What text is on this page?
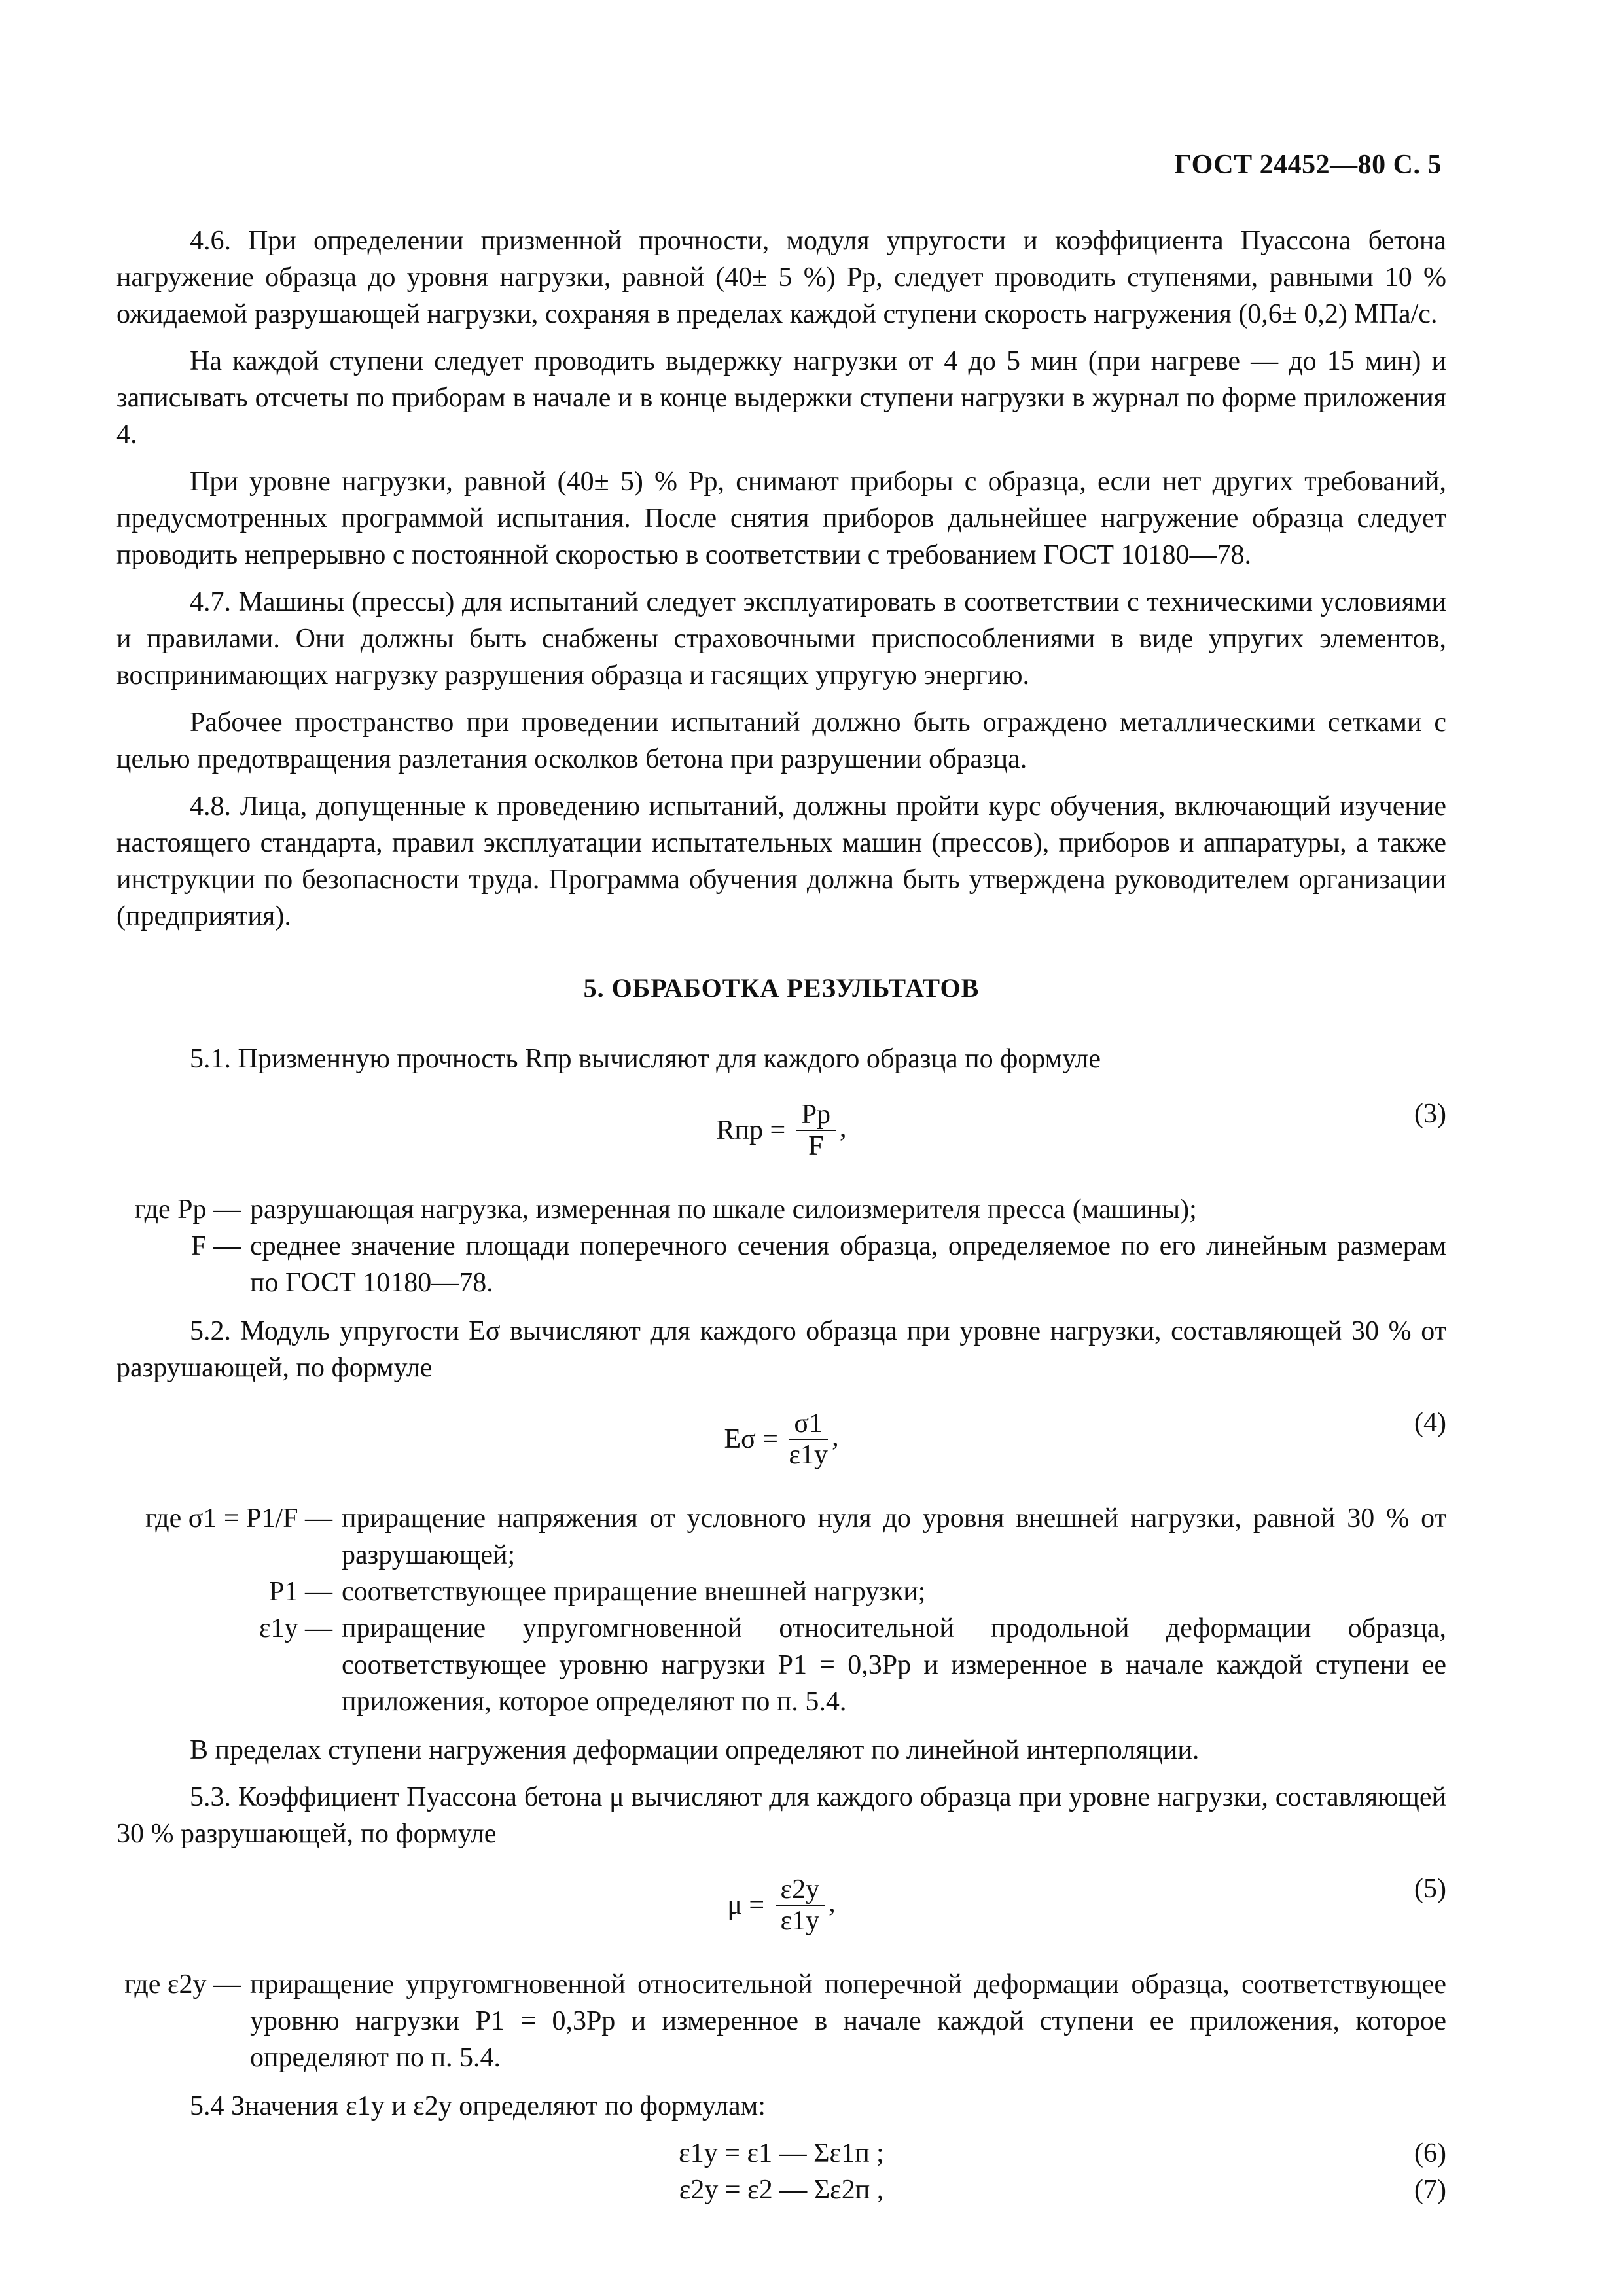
ГОСТ 24452—80 С. 5

4.6. При определении призменной прочности, модуля упругости и коэффициента Пуассона бетона нагружение образца до уровня нагрузки, равной (40± 5 %) Pр, следует проводить ступенями, равными 10 % ожидаемой разрушающей нагрузки, сохраняя в пределах каждой ступени скорость нагружения (0,6± 0,2) МПа/с.

На каждой ступени следует проводить выдержку нагрузки от 4 до 5 мин (при нагреве — до 15 мин) и записывать отсчеты по приборам в начале и в конце выдержки ступени нагрузки в журнал по форме приложения 4.

При уровне нагрузки, равной (40± 5) % Pр, снимают приборы с образца, если нет других требований, предусмотренных программой испытания. После снятия приборов дальнейшее нагружение образца следует проводить непрерывно с постоянной скоростью в соответствии с требованием ГОСТ 10180—78.

4.7. Машины (прессы) для испытаний следует эксплуатировать в соответствии с техническими условиями и правилами. Они должны быть снабжены страховочными приспособлениями в виде упругих элементов, воспринимающих нагрузку разрушения образца и гасящих упругую энергию.

Рабочее пространство при проведении испытаний должно быть ограждено металлическими сетками с целью предотвращения разлетания осколков бетона при разрушении образца.

4.8. Лица, допущенные к проведению испытаний, должны пройти курс обучения, включающий изучение настоящего стандарта, правил эксплуатации испытательных машин (прессов), приборов и аппаратуры, а также инструкции по безопасности труда. Программа обучения должна быть утверждена руководителем организации (предприятия).

5. ОБРАБОТКА РЕЗУЛЬТАТОВ

5.1. Призменную прочность Rпр вычисляют для каждого образца по формуле

Rпр = $\frac{Pр}{F}$ ,	(3)
где Pр — разрушающая нагрузка, измеренная по шкале силоизмерителя пресса (машины);
F — среднее значение площади поперечного сечения образца, определяемое по его линейным размерам по ГОСТ 10180—78.

5.2. Модуль упругости Eσ вычисляют для каждого образца при уровне нагрузки, составляющей 30 % от разрушающей, по формуле

$E\sigma = \frac{\sigma 1}{\varepsilon 1y}$ ,	(4)
где σ1 = P1/F — приращение напряжения от условного нуля до уровня внешней нагрузки, равной 30 % от разрушающей;
P1 — соответствующее приращение внешней нагрузки;
ε1y — приращение упругомгновенной относительной продольной деформации образца, соответствующее уровню нагрузки P1 = 0,3Pр и измеренное в начале каждой ступени ее приложения, которое определяют по п. 5.4.

В пределах ступени нагружения деформации определяют по линейной интерполяции.

5.3. Коэффициент Пуассона бетона μ вычисляют для каждого образца при уровне нагрузки, составляющей 30 % разрушающей, по формуле

$\mu = \frac{\varepsilon 2y}{\varepsilon 1y}$ ,	(5)
где ε2y — приращение упругомгновенной относительной поперечной деформации образца, соответствующее уровню нагрузки P1 = 0,3Pр и измеренное в начале каждой ступени ее приложения, которое определяют по п. 5.4.

5.4 Значения ε1y и ε2y определяют по формулам:

ε1y = ε1 — Σε1п ;	(6)
ε2y = ε2 — Σε2п ,	(7)
